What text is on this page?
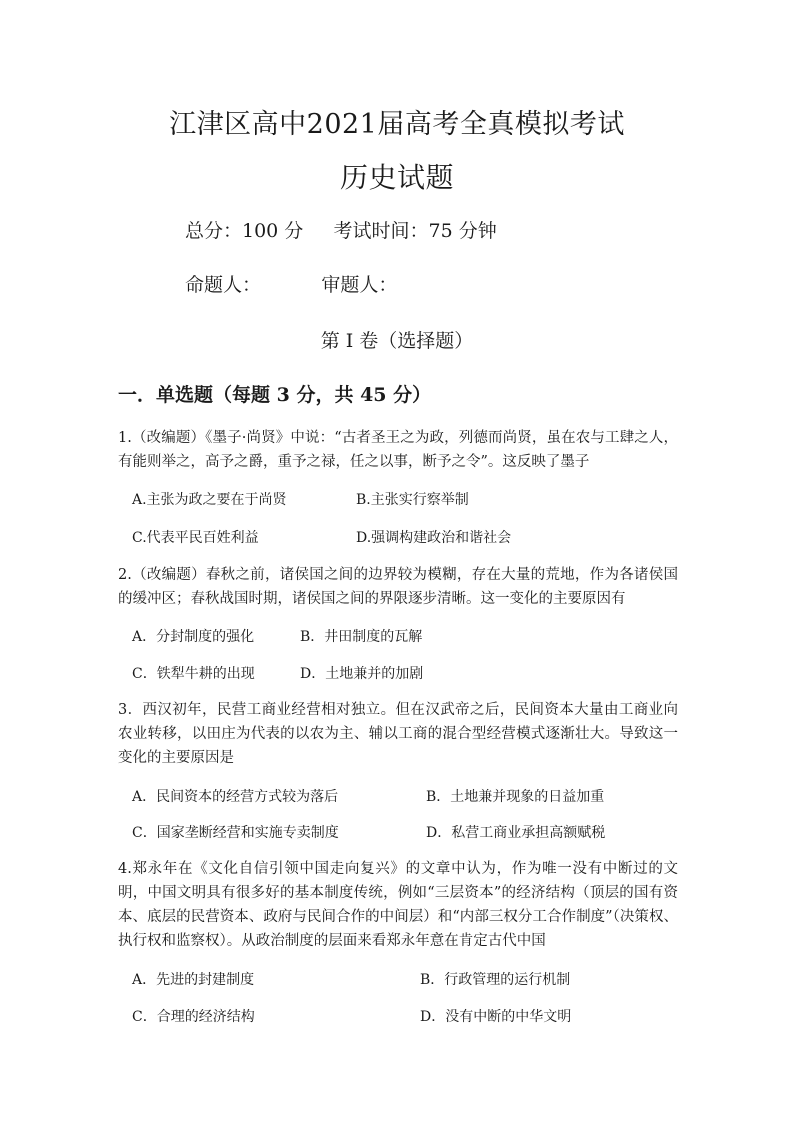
江津区高中2021届高考全真模拟考试
历史试题
总分：100 分     考试时间：75 分钟
命题人：          审题人：
第 I 卷（选择题）
一．单选题（每题 3 分，共 45 分）
1.（改编题）《墨子·尚贤》中说：“古者圣王之为政，列德而尚贤，虽在农与工肆之人，有能则举之，高予之爵，重予之禄，任之以事，断予之令”。这反映了墨子
A.主张为政之要在于尚贤	B.主张实行察举制
C.代表平民百姓利益	D.强调构建政治和谐社会
2.（改编题）春秋之前，诸侯国之间的边界较为模糊，存在大量的荒地，作为各诸侯国的缓冲区；春秋战国时期，诸侯国之间的界限逐步清晰。这一变化的主要原因有
A．分封制度的强化	B．井田制度的瓦解
C．铁犁牛耕的出现	D．土地兼并的加剧
3．西汉初年，民营工商业经营相对独立。但在汉武帝之后，民间资本大量由工商业向农业转移，以田庄为代表的以农为主、辅以工商的混合型经营模式逐渐壮大。导致这一变化的主要原因是
A．民间资本的经营方式较为落后	B．土地兼并现象的日益加重
C．国家垄断经营和实施专卖制度	D．私营工商业承担高额赋税
4.郑永年在《文化自信引领中国走向复兴》的文章中认为，作为唯一没有中断过的文明，中国文明具有很多好的基本制度传统，例如“三层资本”的经济结构（顶层的国有资本、底层的民营资本、政府与民间合作的中间层）和“内部三权分工合作制度”（决策权、执行权和监察权）。从政治制度的层面来看郑永年意在肯定古代中国
A．先进的封建制度	B．行政管理的运行机制
C．合理的经济结构	D．没有中断的中华文明
